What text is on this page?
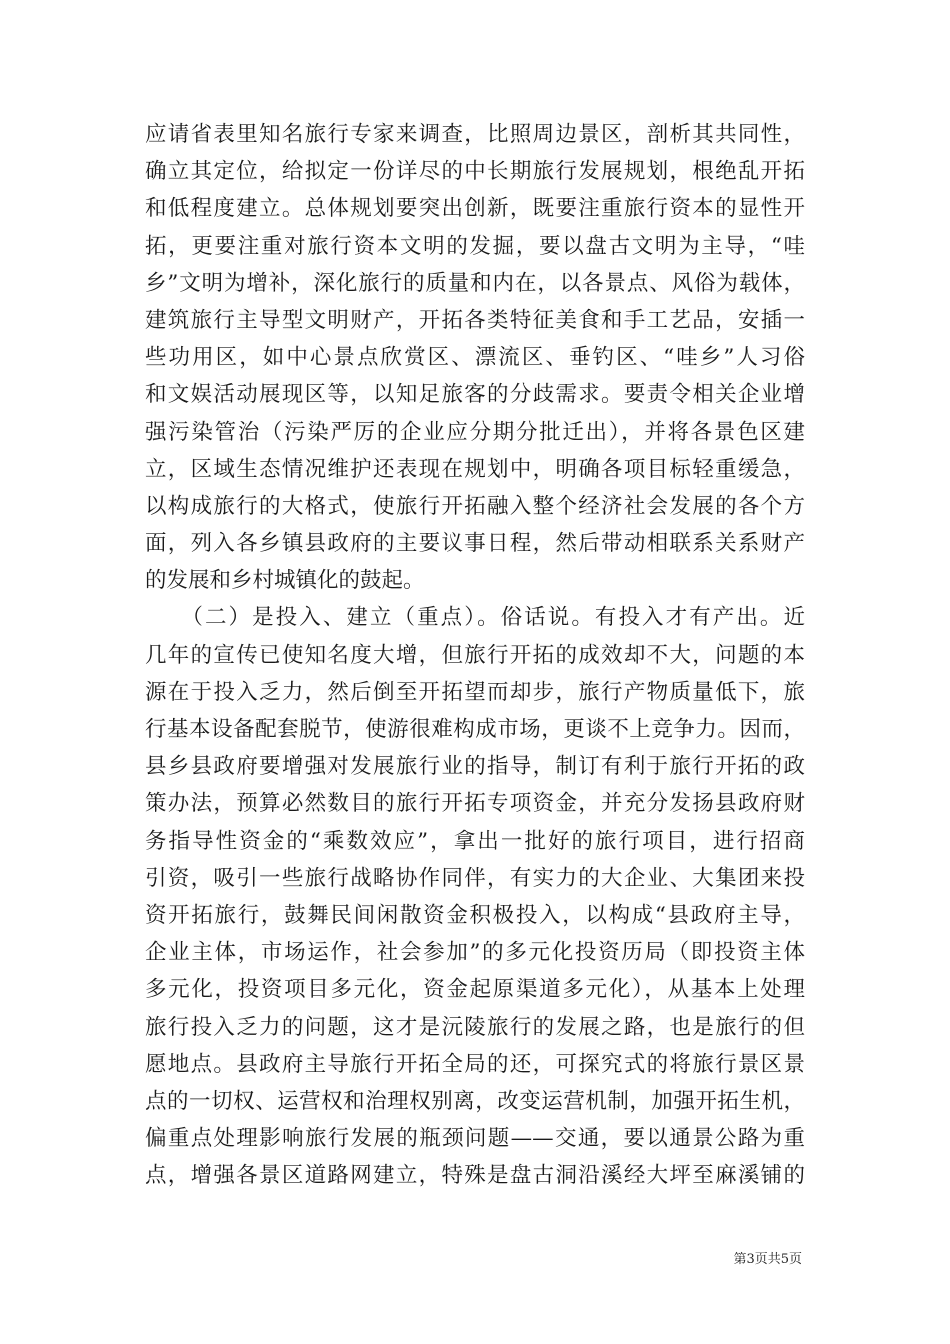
应请省表里知名旅行专家来调查，比照周边景区，剖析其共同性，
确立其定位，给拟定一份详尽的中长期旅行发展规划，根绝乱开拓
和低程度建立。总体规划要突出创新，既要注重旅行资本的显性开
拓，更要注重对旅行资本文明的发掘，要以盘古文明为主导，“哇
乡”文明为增补，深化旅行的质量和内在，以各景点、风俗为载体，
建筑旅行主导型文明财产，开拓各类特征美食和手工艺品，安插一
些功用区，如中心景点欣赏区、漂流区、垂钓区、“哇乡”人习俗
和文娱活动展现区等，以知足旅客的分歧需求。要责令相关企业增
强污染管治（污染严厉的企业应分期分批迁出），并将各景色区建
立，区域生态情况维护还表现在规划中，明确各项目标轻重缓急，
以构成旅行的大格式，使旅行开拓融入整个经济社会发展的各个方
面，列入各乡镇县政府的主要议事日程，然后带动相联系关系财产
的发展和乡村城镇化的鼓起。
　　（二）是投入、建立（重点）。俗话说。有投入才有产出。近
几年的宣传已使知名度大增，但旅行开拓的成效却不大，问题的本
源在于投入乏力，然后倒至开拓望而却步，旅行产物质量低下，旅
行基本设备配套脱节，使游很难构成市场，更谈不上竞争力。因而，
县乡县政府要增强对发展旅行业的指导，制订有利于旅行开拓的政
策办法，预算必然数目的旅行开拓专项资金，并充分发扬县政府财
务指导性资金的“乘数效应”，拿出一批好的旅行项目，进行招商
引资，吸引一些旅行战略协作同伴，有实力的大企业、大集团来投
资开拓旅行，鼓舞民间闲散资金积极投入，以构成“县政府主导，
企业主体，市场运作，社会参加”的多元化投资历局（即投资主体
多元化，投资项目多元化，资金起原渠道多元化），从基本上处理
旅行投入乏力的问题，这才是沅陵旅行的发展之路，也是旅行的但
愿地点。县政府主导旅行开拓全局的还，可探究式的将旅行景区景
点的一切权、运营权和治理权别离，改变运营机制，加强开拓生机，
偏重点处理影响旅行发展的瓶颈问题——交通，要以通景公路为重
点，增强各景区道路网建立，特殊是盘古洞沿溪经大坪至麻溪铺的
第3页共5页
